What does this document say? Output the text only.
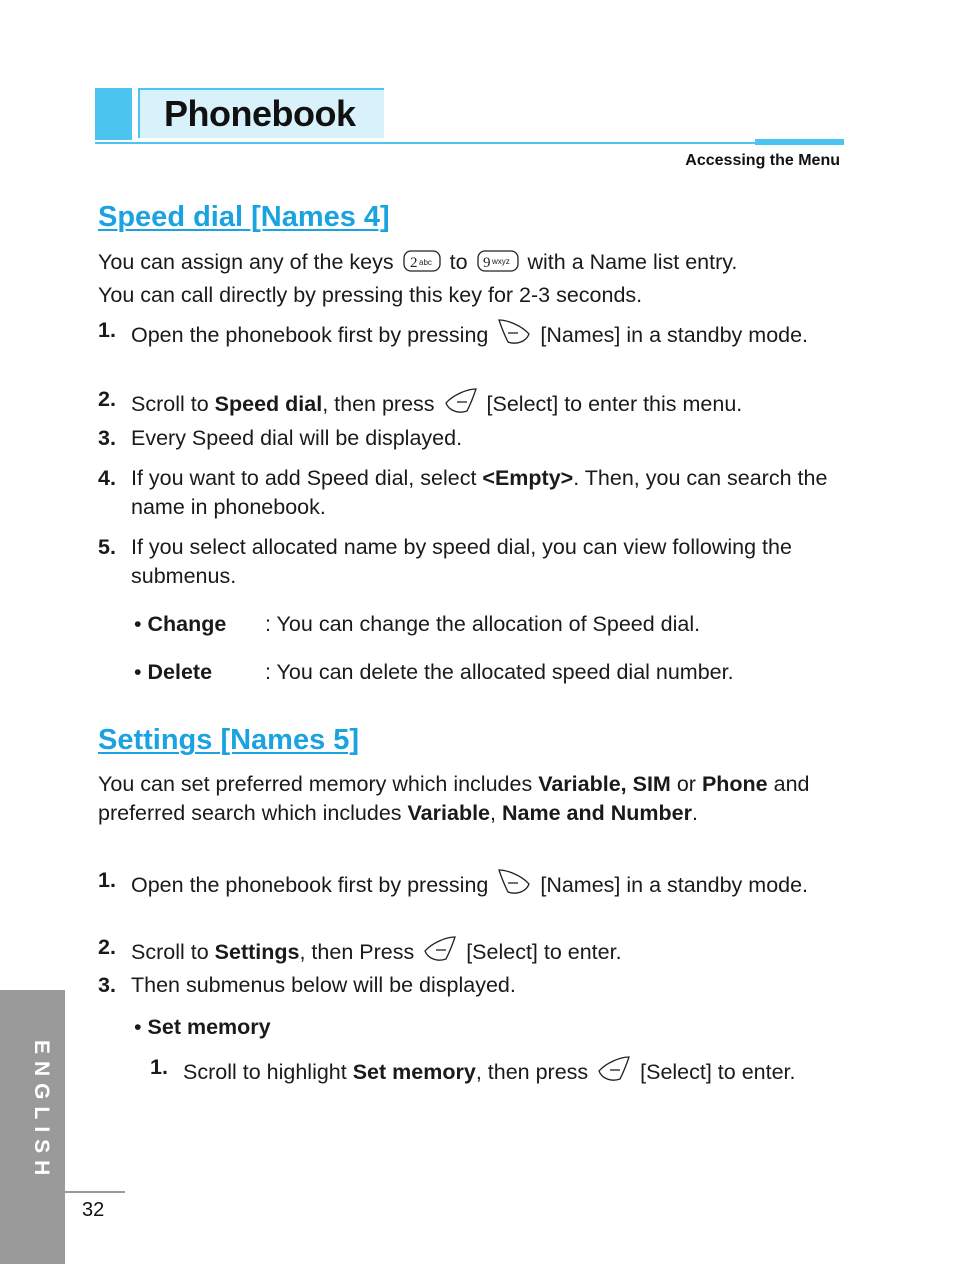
Phonebook
Accessing the Menu
Speed dial [Names 4]
You can assign any of the keys 2 abc to 9 wxyz with a Name list entry.
You can call directly by pressing this key for 2-3 seconds.
1. Open the phonebook first by pressing [Names] in a standby mode.
2. Scroll to Speed dial, then press [Select] to enter this menu.
3. Every Speed dial will be displayed.
4. If you want to add Speed dial, select <Empty>. Then, you can search the name in phonebook.
5. If you select allocated name by speed dial, you can view following the submenus.
• Change : You can change the allocation of Speed dial.
• Delete : You can delete the allocated speed dial number.
Settings [Names 5]
You can set preferred memory which includes Variable, SIM or Phone and preferred search which includes Variable, Name and Number.
1. Open the phonebook first by pressing [Names] in a standby mode.
2. Scroll to Settings, then Press [Select] to enter.
3. Then submenus below will be displayed.
• Set memory
1. Scroll to highlight Set memory, then press [Select] to enter.
ENGLISH
32
